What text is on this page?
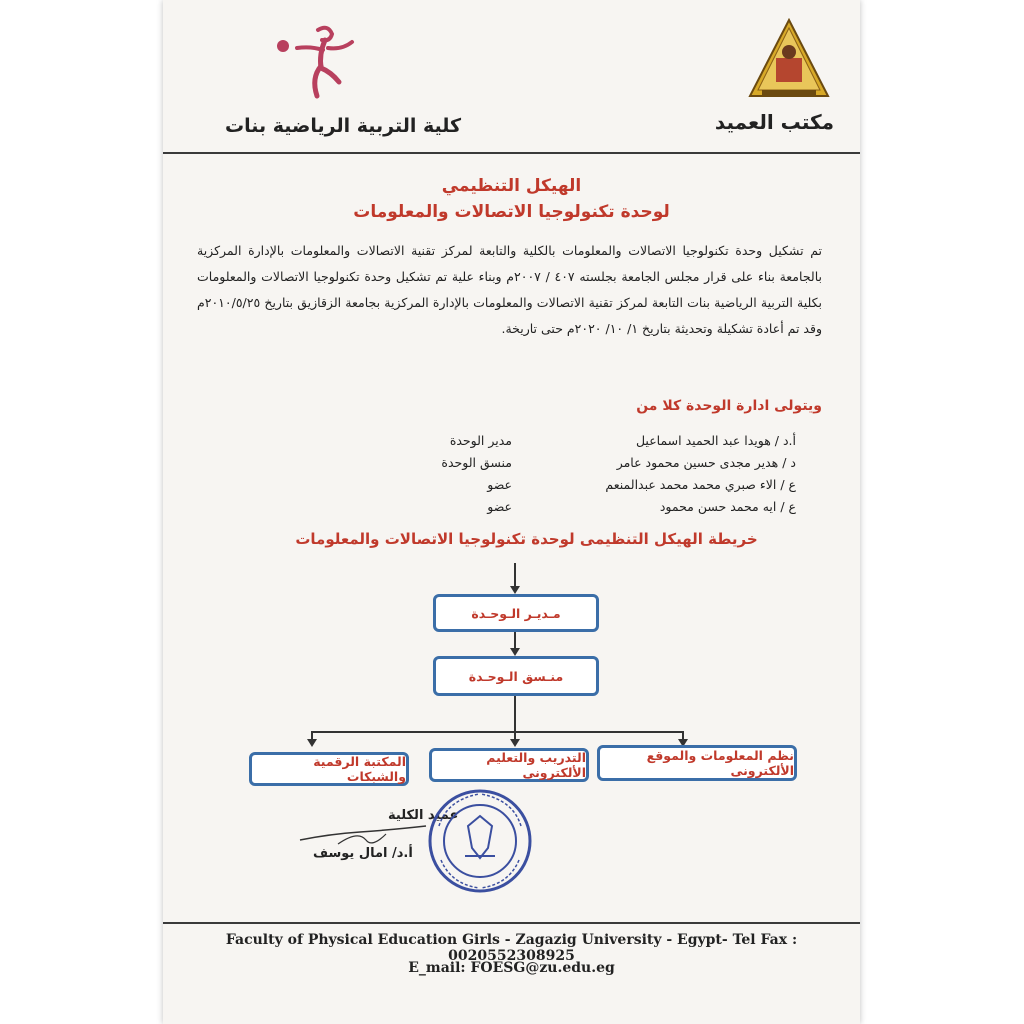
مكتب العميد
كلية التربية الرياضية بنات
الهيكل التنظيمي
لوحدة تكنولوجيا الاتصالات والمعلومات
تم تشكيل وحدة تكنولوجيا الاتصالات والمعلومات بالكلية والتابعة لمركز تقنية الاتصالات والمعلومات بالإدارة المركزية بالجامعة بناء على قرار مجلس الجامعة بجلسته ٤٠٧ / ٢٠٠٧م وبناء علية تم تشكيل وحدة تكنولوجيا الاتصالات والمعلومات بكلية التربية الرياضية بنات التابعة لمركز تقنية الاتصالات والمعلومات بالإدارة المركزية بجامعة الزقازيق بتاريخ ٢٠١٠/٥/٢٥م وقد تم أعادة تشكيلة وتحديثة بتاريخ ١/ ١٠/ ٢٠٢٠م حتى تاريخة.
ويتولى ادارة الوحدة كلا من
أ.د / هويدا عبد الحميد اسماعيل
د / هدير مجدى حسين محمود عامر
ع / الاء صبري محمد محمد عبدالمنعم
ع / ايه محمد حسن محمود
مدير الوحدة
منسق الوحدة
عضو
عضو
خريطة الهيكل التنظيمى لوحدة تكنولوجيا الاتصالات والمعلومات
مـديـر الـوحـدة
منـسق الـوحـدة
نظم المعلومات والموقع الألكترونى
التدريب والتعليم الألكترونى
المكتبة الرقمية والشبكات
عميد الكلية
أ.د/ امال يوسف
Faculty of Physical Education Girls - Zagazig University - Egypt- Tel Fax : 0020552308925
E_mail: FOESG@zu.edu.eg
